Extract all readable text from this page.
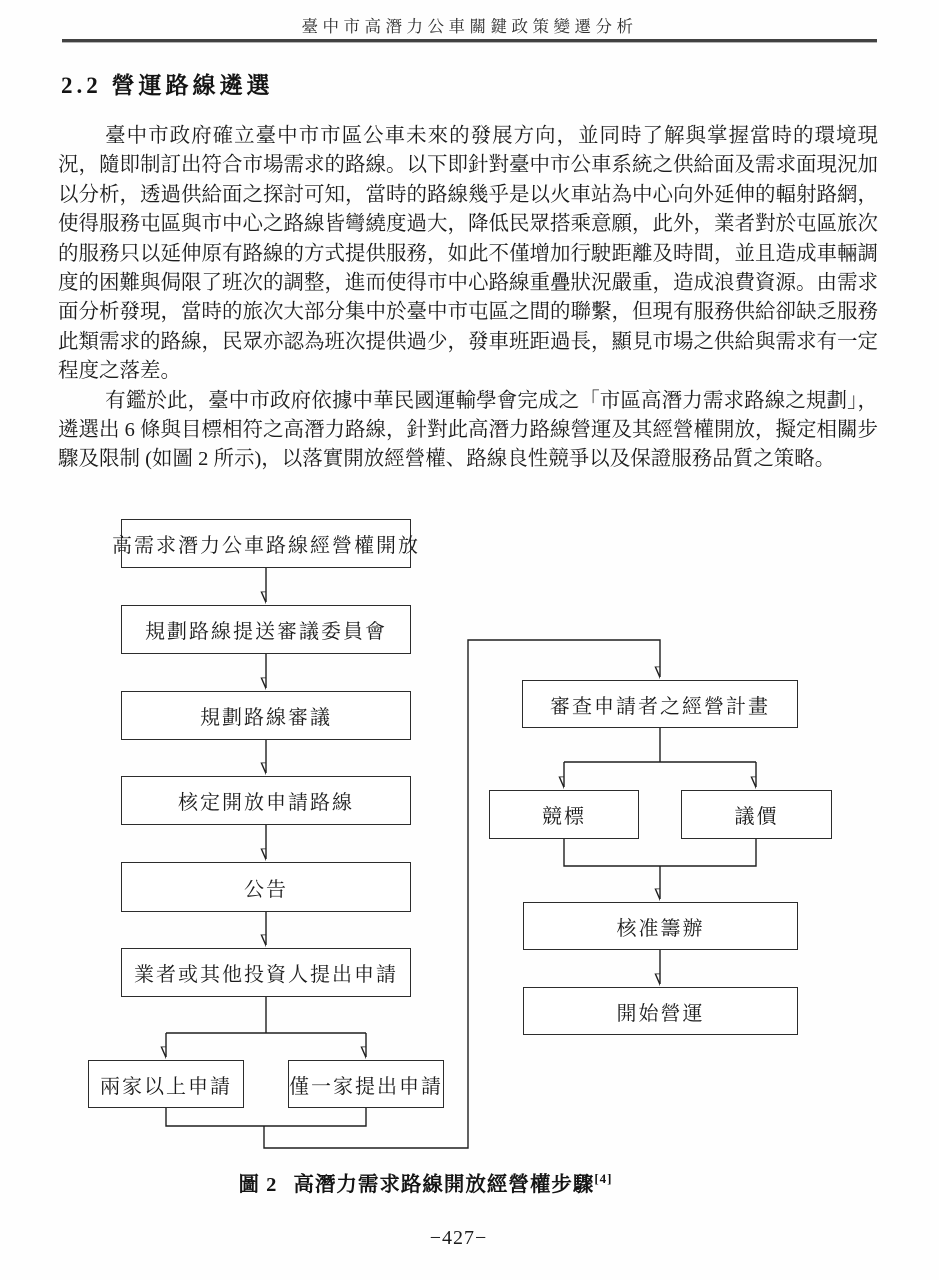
臺中市高潛力公車關鍵政策變遷分析
2.2 營運路線遴選

臺中市政府確立臺中市市區公車未來的發展方向，並同時了解與掌握當時的環境現況，隨即制訂出符合市場需求的路線。以下即針對臺中市公車系統之供給面及需求面現況加以分析，透過供給面之探討可知，當時的路線幾乎是以火車站為中心向外延伸的輻射路網，使得服務屯區與市中心之路線皆彎繞度過大，降低民眾搭乘意願，此外，業者對於屯區旅次的服務只以延伸原有路線的方式提供服務，如此不僅增加行駛距離及時間，並且造成車輛調度的困難與侷限了班次的調整，進而使得市中心路線重疊狀況嚴重，造成浪費資源。由需求面分析發現，當時的旅次大部分集中於臺中市屯區之間的聯繫，但現有服務供給卻缺乏服務此類需求的路線，民眾亦認為班次提供過少，發車班距過長，顯見市場之供給與需求有一定程度之落差。

有鑑於此，臺中市政府依據中華民國運輸學會完成之「市區高潛力需求路線之規劃」，遴選出 6 條與目標相符之高潛力路線，針對此高潛力路線營運及其經營權開放，擬定相關步驟及限制 (如圖 2 所示)，以落實開放經營權、路線良性競爭以及保證服務品質之策略。

高需求潛力公車路線經營權開放
規劃路線提送審議委員會
規劃路線審議
核定開放申請路線
公告
業者或其他投資人提出申請
兩家以上申請	僅一家提出申請
審查申請者之經營計畫
競標	議價
核准籌辦
開始營運
圖 2 高潛力需求路線開放經營權步驟[4]
−427−
